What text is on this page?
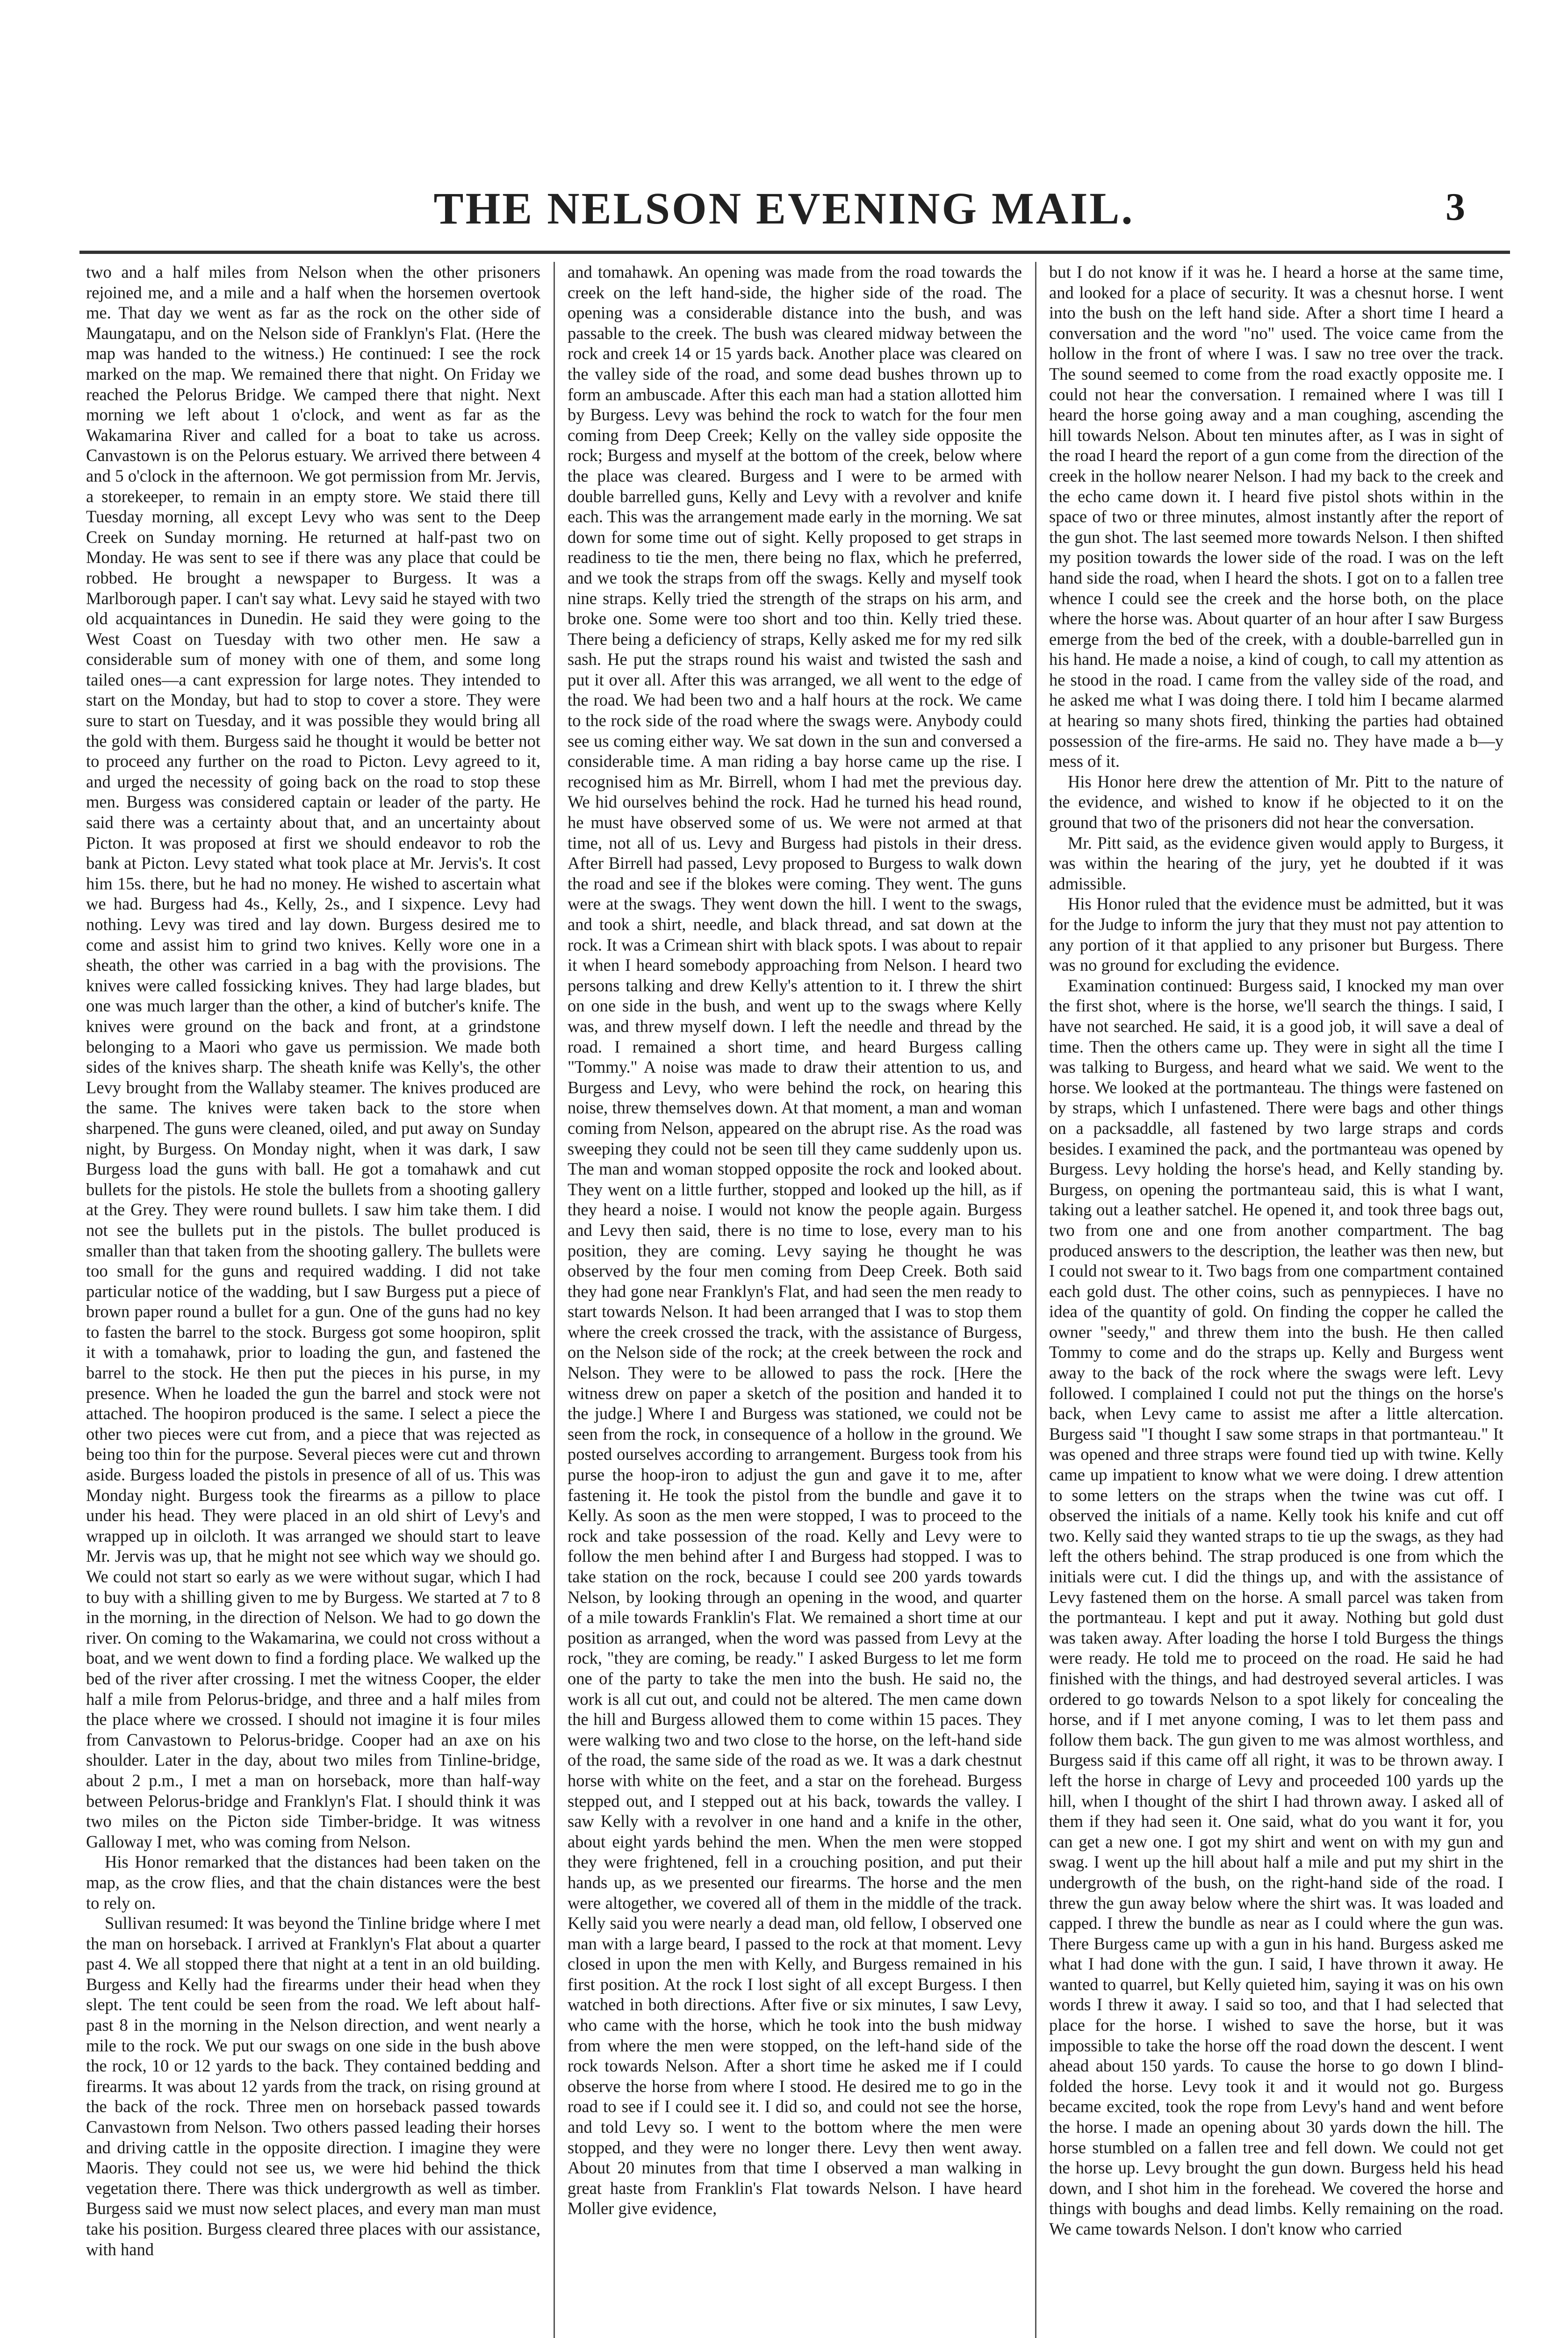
THE NELSON EVENING MAIL.	3

two and a half miles from Nelson when the other prisoners rejoined me, and a mile and a half when the horsemen overtook me. That day we went as far as the rock on the other side of Maungatapu, and on the Nelson side of Franklyn's Flat. (Here the map was handed to the witness.) He continued: I see the rock marked on the map. We remained there that night. On Friday we reached the Pelorus Bridge. We camped there that night. Next morning we left about 1 o'clock, and went as far as the Wakamarina River and called for a boat to take us across. Canvastown is on the Pelorus estuary. We arrived there between 4 and 5 o'clock in the afternoon. We got permission from Mr. Jervis, a storekeeper, to remain in an empty store. We staid there till Tuesday morning, all except Levy who was sent to the Deep Creek on Sunday morning. He returned at half-past two on Monday. He was sent to see if there was any place that could be robbed. He brought a newspaper to Burgess. It was a Marlborough paper. I can't say what. Levy said he stayed with two old acquaintances in Dunedin. He said they were going to the West Coast on Tuesday with two other men. He saw a considerable sum of money with one of them, and some long tailed ones—a cant expression for large notes. They intended to start on the Monday, but had to stop to cover a store. They were sure to start on Tuesday, and it was possible they would bring all the gold with them. Burgess said he thought it would be better not to proceed any further on the road to Picton. Levy agreed to it, and urged the necessity of going back on the road to stop these men. Burgess was considered captain or leader of the party. He said there was a certainty about that, and an uncertainty about Picton. It was proposed at first we should endeavor to rob the bank at Picton. Levy stated what took place at Mr. Jervis's. It cost him 15s. there, but he had no money. He wished to ascertain what we had. Burgess had 4s., Kelly, 2s., and I sixpence. Levy had nothing. Levy was tired and lay down. Burgess desired me to come and assist him to grind two knives. Kelly wore one in a sheath, the other was carried in a bag with the provisions. The knives were called fossicking knives. They had large blades, but one was much larger than the other, a kind of butcher's knife. The knives were ground on the back and front, at a grindstone belonging to a Maori who gave us permission. We made both sides of the knives sharp. The sheath knife was Kelly's, the other Levy brought from the Wallaby steamer. The knives produced are the same. The knives were taken back to the store when sharpened. The guns were cleaned, oiled, and put away on Sunday night, by Burgess. On Monday night, when it was dark, I saw Burgess load the guns with ball. He got a tomahawk and cut bullets for the pistols. He stole the bullets from a shooting gallery at the Grey. They were round bullets. I saw him take them. I did not see the bullets put in the pistols. The bullet produced is smaller than that taken from the shooting gallery. The bullets were too small for the guns and required wadding. I did not take particular notice of the wadding, but I saw Burgess put a piece of brown paper round a bullet for a gun. One of the guns had no key to fasten the barrel to the stock. Burgess got some hoopiron, split it with a tomahawk, prior to loading the gun, and fastened the barrel to the stock. He then put the pieces in his purse, in my presence. When he loaded the gun the barrel and stock were not attached. The hoopiron produced is the same. I select a piece the other two pieces were cut from, and a piece that was rejected as being too thin for the purpose. Several pieces were cut and thrown aside. Burgess loaded the pistols in presence of all of us. This was Monday night. Burgess took the firearms as a pillow to place under his head. They were placed in an old shirt of Levy's and wrapped up in oilcloth. It was arranged we should start to leave Mr. Jervis was up, that he might not see which way we should go. We could not start so early as we were without sugar, which I had to buy with a shilling given to me by Burgess. We started at 7 to 8 in the morning, in the direction of Nelson. We had to go down the river. On coming to the Wakamarina, we could not cross without a boat, and we went down to find a fording place. We walked up the bed of the river after crossing. I met the witness Cooper, the elder half a mile from Pelorus-bridge, and three and a half miles from the place where we crossed. I should not imagine it is four miles from Canvastown to Pelorus-bridge. Cooper had an axe on his shoulder. Later in the day, about two miles from Tinline-bridge, about 2 p.m., I met a man on horseback, more than half-way between Pelorus-bridge and Franklyn's Flat. I should think it was two miles on the Picton side Timber-bridge. It was witness Galloway I met, who was coming from Nelson.

His Honor remarked that the distances had been taken on the map, as the crow flies, and that the chain distances were the best to rely on.

Sullivan resumed: It was beyond the Tinline bridge where I met the man on horseback. I arrived at Franklyn's Flat about a quarter past 4. We all stopped there that night at a tent in an old building. Burgess and Kelly had the firearms under their head when they slept. The tent could be seen from the road. We left about half-past 8 in the morning in the Nelson direction, and went nearly a mile to the rock. We put our swags on one side in the bush above the rock, 10 or 12 yards to the back. They contained bedding and firearms. It was about 12 yards from the track, on rising ground at the back of the rock. Three men on horseback passed towards Canvastown from Nelson. Two others passed leading their horses and driving cattle in the opposite direction. I imagine they were Maoris. They could not see us, we were hid behind the thick vegetation there. There was thick undergrowth as well as timber. Burgess said we must now select places, and every man man must take his position. Burgess cleared three places with our assistance, with hand

and tomahawk. An opening was made from the road towards the creek on the left hand-side, the higher side of the road. The opening was a considerable distance into the bush, and was passable to the creek. The bush was cleared midway between the rock and creek 14 or 15 yards back. Another place was cleared on the valley side of the road, and some dead bushes thrown up to form an ambuscade. After this each man had a station allotted him by Burgess. Levy was behind the rock to watch for the four men coming from Deep Creek; Kelly on the valley side opposite the rock; Burgess and myself at the bottom of the creek, below where the place was cleared. Burgess and I were to be armed with double barrelled guns, Kelly and Levy with a revolver and knife each. This was the arrangement made early in the morning. We sat down for some time out of sight. Kelly proposed to get straps in readiness to tie the men, there being no flax, which he preferred, and we took the straps from off the swags. Kelly and myself took nine straps. Kelly tried the strength of the straps on his arm, and broke one. Some were too short and too thin. Kelly tried these. There being a deficiency of straps, Kelly asked me for my red silk sash. He put the straps round his waist and twisted the sash and put it over all. After this was arranged, we all went to the edge of the road. We had been two and a half hours at the rock. We came to the rock side of the road where the swags were. Anybody could see us coming either way. We sat down in the sun and conversed a considerable time. A man riding a bay horse came up the rise. I recognised him as Mr. Birrell, whom I had met the previous day. We hid ourselves behind the rock. Had he turned his head round, he must have observed some of us. We were not armed at that time, not all of us. Levy and Burgess had pistols in their dress. After Birrell had passed, Levy proposed to Burgess to walk down the road and see if the blokes were coming. They went. The guns were at the swags. They went down the hill. I went to the swags, and took a shirt, needle, and black thread, and sat down at the rock. It was a Crimean shirt with black spots. I was about to repair it when I heard somebody approaching from Nelson. I heard two persons talking and drew Kelly's attention to it. I threw the shirt on one side in the bush, and went up to the swags where Kelly was, and threw myself down. I left the needle and thread by the road. I remained a short time, and heard Burgess calling "Tommy." A noise was made to draw their attention to us, and Burgess and Levy, who were behind the rock, on hearing this noise, threw themselves down. At that moment, a man and woman coming from Nelson, appeared on the abrupt rise. As the road was sweeping they could not be seen till they came suddenly upon us. The man and woman stopped opposite the rock and looked about. They went on a little further, stopped and looked up the hill, as if they heard a noise. I would not know the people again. Burgess and Levy then said, there is no time to lose, every man to his position, they are coming. Levy saying he thought he was observed by the four men coming from Deep Creek. Both said they had gone near Franklyn's Flat, and had seen the men ready to start towards Nelson. It had been arranged that I was to stop them where the creek crossed the track, with the assistance of Burgess, on the Nelson side of the rock; at the creek between the rock and Nelson. They were to be allowed to pass the rock. [Here the witness drew on paper a sketch of the position and handed it to the judge.] Where I and Burgess was stationed, we could not be seen from the rock, in consequence of a hollow in the ground. We posted ourselves according to arrangement. Burgess took from his purse the hoop-iron to adjust the gun and gave it to me, after fastening it. He took the pistol from the bundle and gave it to Kelly. As soon as the men were stopped, I was to proceed to the rock and take possession of the road. Kelly and Levy were to follow the men behind after I and Burgess had stopped. I was to take station on the rock, because I could see 200 yards towards Nelson, by looking through an opening in the wood, and quarter of a mile towards Franklin's Flat. We remained a short time at our position as arranged, when the word was passed from Levy at the rock, "they are coming, be ready." I asked Burgess to let me form one of the party to take the men into the bush. He said no, the work is all cut out, and could not be altered. The men came down the hill and Burgess allowed them to come within 15 paces. They were walking two and two close to the horse, on the left-hand side of the road, the same side of the road as we. It was a dark chestnut horse with white on the feet, and a star on the forehead. Burgess stepped out, and I stepped out at his back, towards the valley. I saw Kelly with a revolver in one hand and a knife in the other, about eight yards behind the men. When the men were stopped they were frightened, fell in a crouching position, and put their hands up, as we presented our firearms. The horse and the men were altogether, we covered all of them in the middle of the track. Kelly said you were nearly a dead man, old fellow, I observed one man with a large beard, I passed to the rock at that moment. Levy closed in upon the men with Kelly, and Burgess remained in his first position. At the rock I lost sight of all except Burgess. I then watched in both directions. After five or six minutes, I saw Levy, who came with the horse, which he took into the bush midway from where the men were stopped, on the left-hand side of the rock towards Nelson. After a short time he asked me if I could observe the horse from where I stood. He desired me to go in the road to see if I could see it. I did so, and could not see the horse, and told Levy so. I went to the bottom where the men were stopped, and they were no longer there. Levy then went away. About 20 minutes from that time I observed a man walking in great haste from Franklin's Flat towards Nelson. I have heard Moller give evidence,

but I do not know if it was he. I heard a horse at the same time, and looked for a place of security. It was a chesnut horse. I went into the bush on the left hand side. After a short time I heard a conversation and the word "no" used. The voice came from the hollow in the front of where I was. I saw no tree over the track. The sound seemed to come from the road exactly opposite me. I could not hear the conversation. I remained where I was till I heard the horse going away and a man coughing, ascending the hill towards Nelson. About ten minutes after, as I was in sight of the road I heard the report of a gun come from the direction of the creek in the hollow nearer Nelson. I had my back to the creek and the echo came down it. I heard five pistol shots within in the space of two or three minutes, almost instantly after the report of the gun shot. The last seemed more towards Nelson. I then shifted my position towards the lower side of the road. I was on the left hand side the road, when I heard the shots. I got on to a fallen tree whence I could see the creek and the horse both, on the place where the horse was. About quarter of an hour after I saw Burgess emerge from the bed of the creek, with a double-barrelled gun in his hand. He made a noise, a kind of cough, to call my attention as he stood in the road. I came from the valley side of the road, and he asked me what I was doing there. I told him I became alarmed at hearing so many shots fired, thinking the parties had obtained possession of the fire-arms. He said no. They have made a b—y mess of it.

His Honor here drew the attention of Mr. Pitt to the nature of the evidence, and wished to know if he objected to it on the ground that two of the prisoners did not hear the conversation.

Mr. Pitt said, as the evidence given would apply to Burgess, it was within the hearing of the jury, yet he doubted if it was admissible.

His Honor ruled that the evidence must be admitted, but it was for the Judge to inform the jury that they must not pay attention to any portion of it that applied to any prisoner but Burgess. There was no ground for excluding the evidence.

Examination continued: Burgess said, I knocked my man over the first shot, where is the horse, we'll search the things. I said, I have not searched. He said, it is a good job, it will save a deal of time. Then the others came up. They were in sight all the time I was talking to Burgess, and heard what we said. We went to the horse. We looked at the portmanteau. The things were fastened on by straps, which I unfastened. There were bags and other things on a packsaddle, all fastened by two large straps and cords besides. I examined the pack, and the portmanteau was opened by Burgess. Levy holding the horse's head, and Kelly standing by. Burgess, on opening the portmanteau said, this is what I want, taking out a leather satchel. He opened it, and took three bags out, two from one and one from another compartment. The bag produced answers to the description, the leather was then new, but I could not swear to it. Two bags from one compartment contained each gold dust. The other coins, such as pennypieces. I have no idea of the quantity of gold. On finding the copper he called the owner "seedy," and threw them into the bush. He then called Tommy to come and do the straps up. Kelly and Burgess went away to the back of the rock where the swags were left. Levy followed. I complained I could not put the things on the horse's back, when Levy came to assist me after a little altercation. Burgess said "I thought I saw some straps in that portmanteau." It was opened and three straps were found tied up with twine. Kelly came up impatient to know what we were doing. I drew attention to some letters on the straps when the twine was cut off. I observed the initials of a name. Kelly took his knife and cut off two. Kelly said they wanted straps to tie up the swags, as they had left the others behind. The strap produced is one from which the initials were cut. I did the things up, and with the assistance of Levy fastened them on the horse. A small parcel was taken from the portmanteau. I kept and put it away. Nothing but gold dust was taken away. After loading the horse I told Burgess the things were ready. He told me to proceed on the road. He said he had finished with the things, and had destroyed several articles. I was ordered to go towards Nelson to a spot likely for concealing the horse, and if I met anyone coming, I was to let them pass and follow them back. The gun given to me was almost worthless, and Burgess said if this came off all right, it was to be thrown away. I left the horse in charge of Levy and proceeded 100 yards up the hill, when I thought of the shirt I had thrown away. I asked all of them if they had seen it. One said, what do you want it for, you can get a new one. I got my shirt and went on with my gun and swag. I went up the hill about half a mile and put my shirt in the undergrowth of the bush, on the right-hand side of the road. I threw the gun away below where the shirt was. It was loaded and capped. I threw the bundle as near as I could where the gun was. There Burgess came up with a gun in his hand. Burgess asked me what I had done with the gun. I said, I have thrown it away. He wanted to quarrel, but Kelly quieted him, saying it was on his own words I threw it away. I said so too, and that I had selected that place for the horse. I wished to save the horse, but it was impossible to take the horse off the road down the descent. I went ahead about 150 yards. To cause the horse to go down I blind-folded the horse. Levy took it and it would not go. Burgess became excited, took the rope from Levy's hand and went before the horse. I made an opening about 30 yards down the hill. The horse stumbled on a fallen tree and fell down. We could not get the horse up. Levy brought the gun down. Burgess held his head down, and I shot him in the forehead. We covered the horse and things with boughs and dead limbs. Kelly remaining on the road. We came towards Nelson. I don't know who carried
